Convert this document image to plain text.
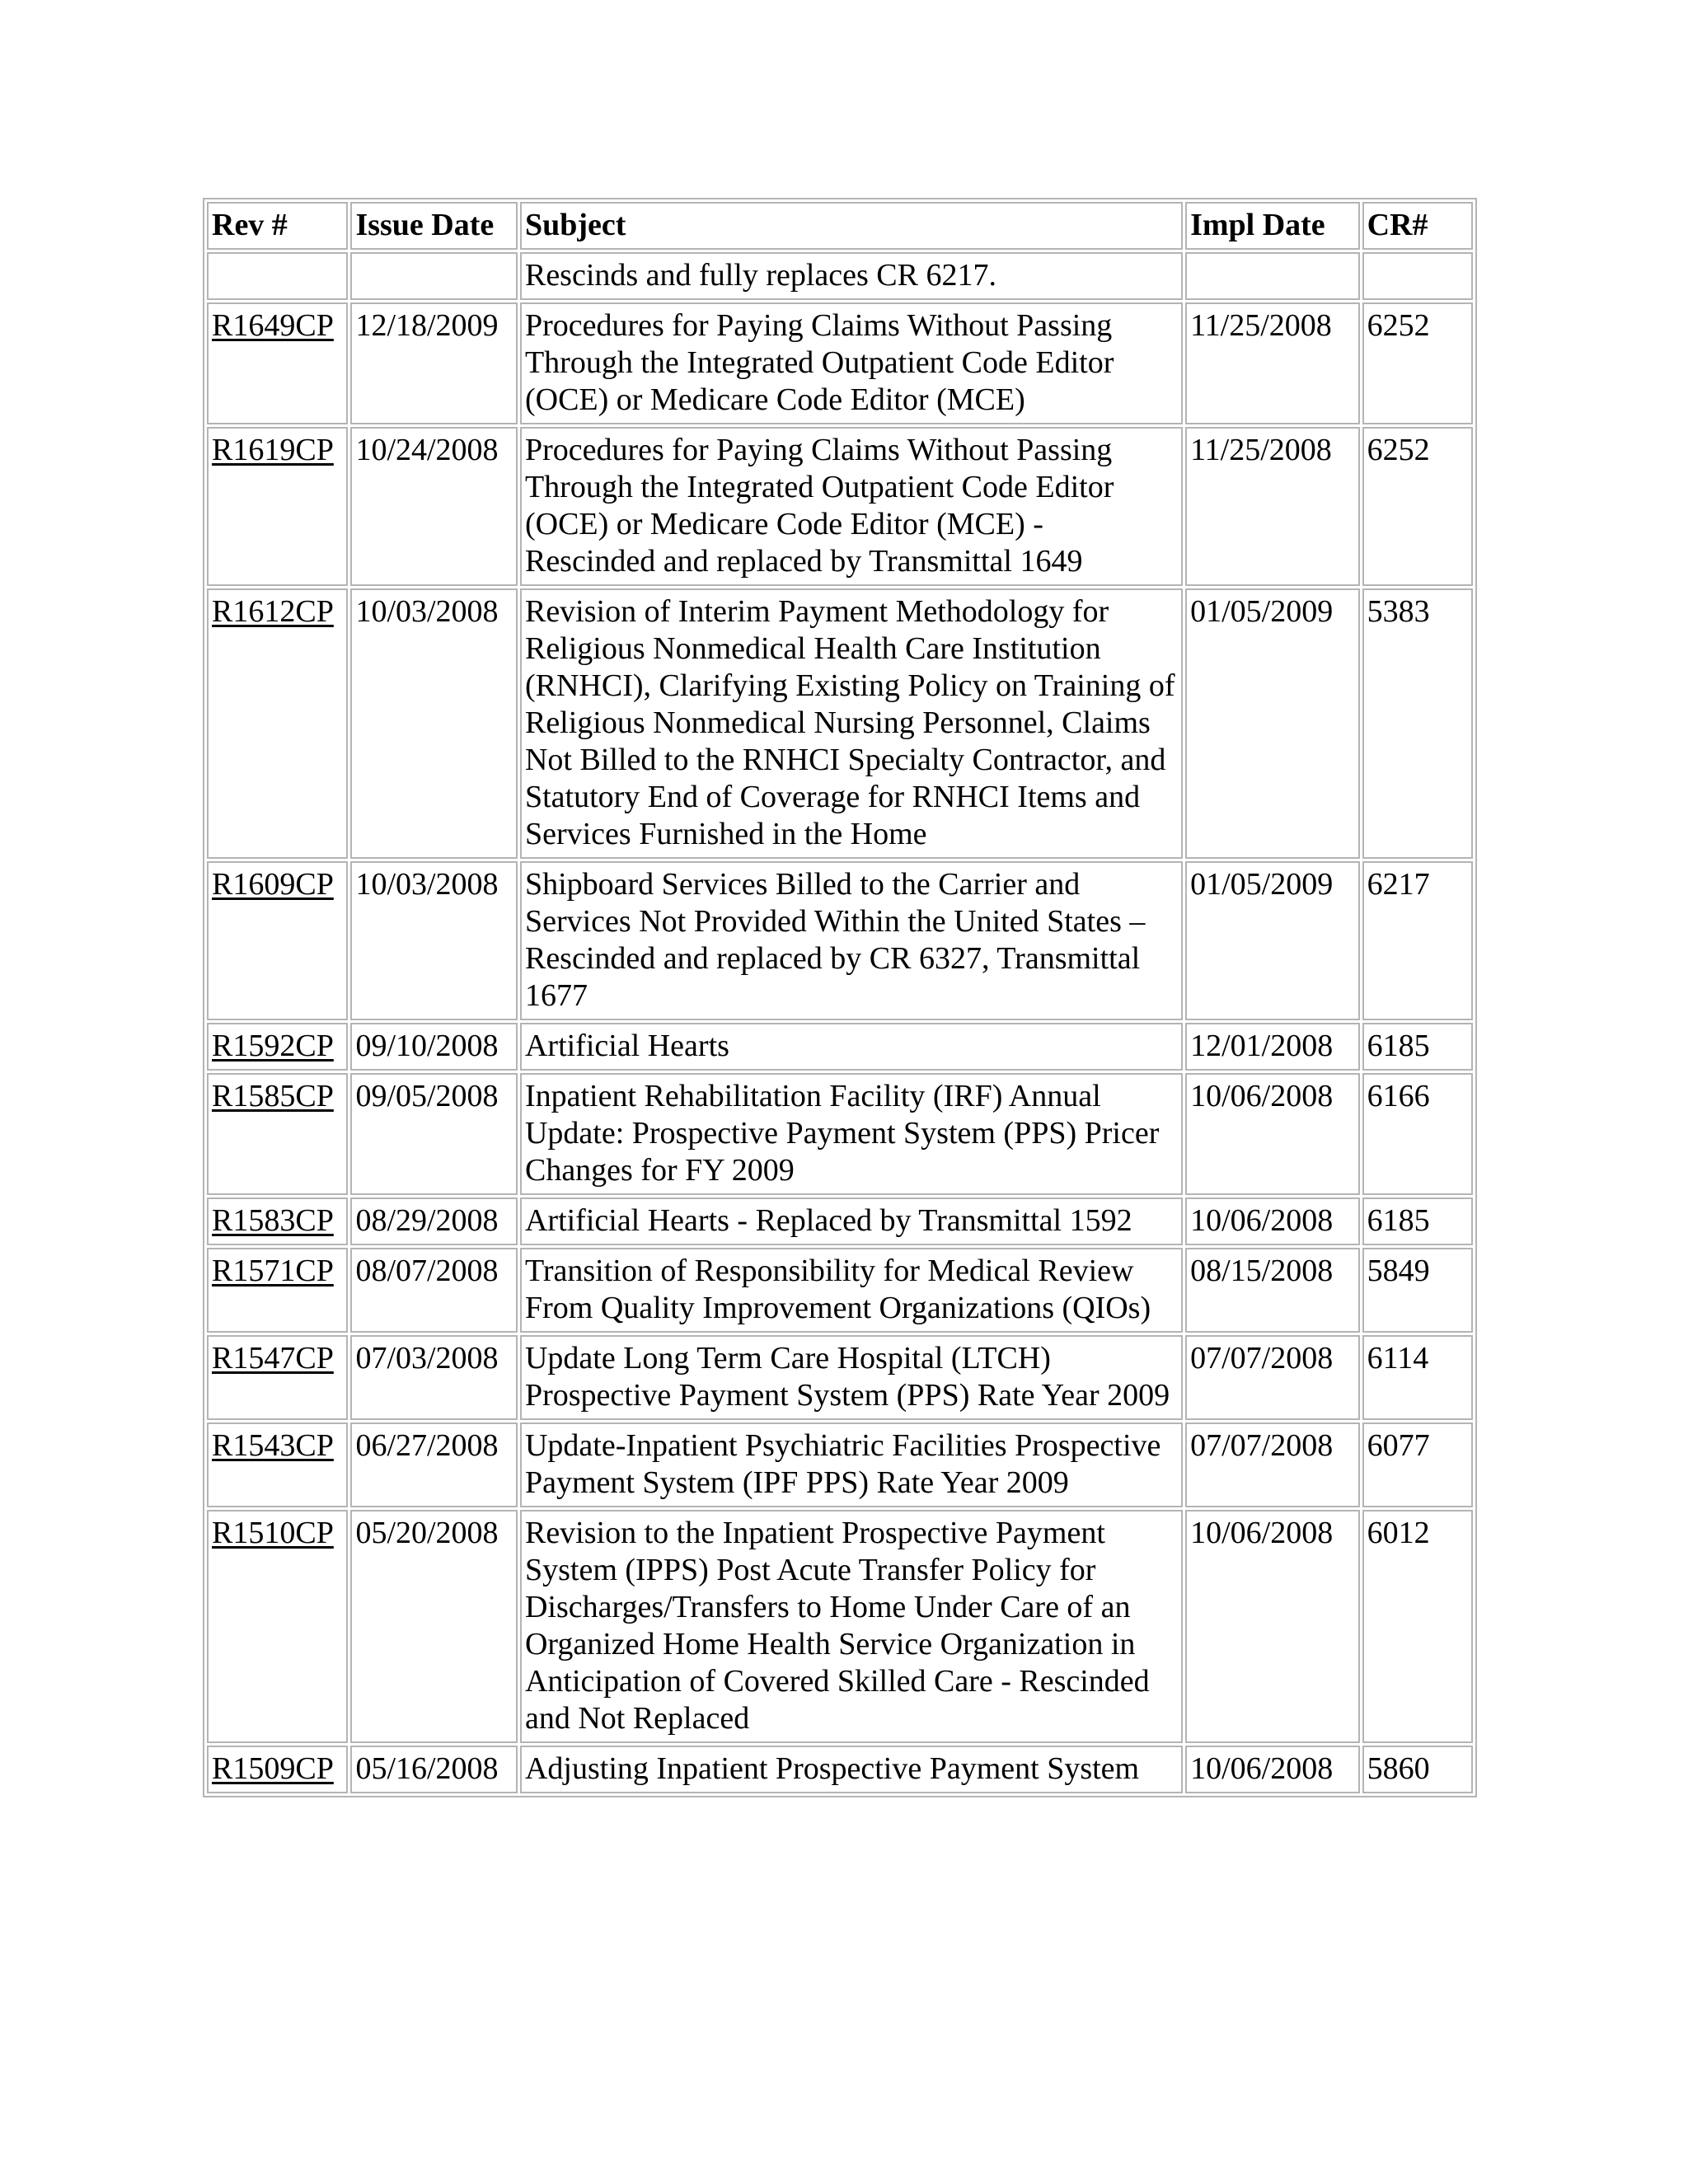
Rev #	Issue Date	Subject	Impl Date	CR#
		Rescinds and fully replaces CR 6217.		
R1649CP	12/18/2009	Procedures for Paying Claims Without Passing Through the Integrated Outpatient Code Editor (OCE) or Medicare Code Editor (MCE)	11/25/2008	6252
R1619CP	10/24/2008	Procedures for Paying Claims Without Passing Through the Integrated Outpatient Code Editor (OCE) or Medicare Code Editor (MCE) - Rescinded and replaced by Transmittal 1649	11/25/2008	6252
R1612CP	10/03/2008	Revision of Interim Payment Methodology for Religious Nonmedical Health Care Institution (RNHCI), Clarifying Existing Policy on Training of Religious Nonmedical Nursing Personnel, Claims Not Billed to the RNHCI Specialty Contractor, and Statutory End of Coverage for RNHCI Items and Services Furnished in the Home	01/05/2009	5383
R1609CP	10/03/2008	Shipboard Services Billed to the Carrier and Services Not Provided Within the United States – Rescinded and replaced by CR 6327, Transmittal 1677	01/05/2009	6217
R1592CP	09/10/2008	Artificial Hearts	12/01/2008	6185
R1585CP	09/05/2008	Inpatient Rehabilitation Facility (IRF) Annual Update: Prospective Payment System (PPS) Pricer Changes for FY 2009	10/06/2008	6166
R1583CP	08/29/2008	Artificial Hearts - Replaced by Transmittal 1592	10/06/2008	6185
R1571CP	08/07/2008	Transition of Responsibility for Medical Review From Quality Improvement Organizations (QIOs)	08/15/2008	5849
R1547CP	07/03/2008	Update Long Term Care Hospital (LTCH) Prospective Payment System (PPS) Rate Year 2009	07/07/2008	6114
R1543CP	06/27/2008	Update-Inpatient Psychiatric Facilities Prospective Payment System (IPF PPS) Rate Year 2009	07/07/2008	6077
R1510CP	05/20/2008	Revision to the Inpatient Prospective Payment System (IPPS) Post Acute Transfer Policy for Discharges/Transfers to Home Under Care of an Organized Home Health Service Organization in Anticipation of Covered Skilled Care - Rescinded and Not Replaced	10/06/2008	6012
R1509CP	05/16/2008	Adjusting Inpatient Prospective Payment System	10/06/2008	5860
